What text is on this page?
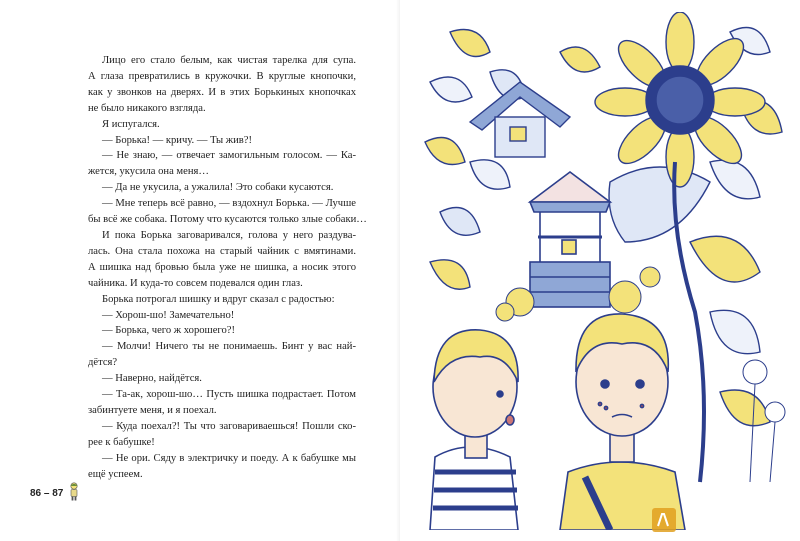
Лицо его стало белым, как чистая тарелка для супа.
А глаза превратились в кружочки. В круглые кнопочки,
как у звонков на дверях. И в этих Борькиных кнопочках
не было никакого взгляда.
Я испугался.
— Борька! — кричу. — Ты жив?!
— Не знаю, — отвечает замогильным голосом. — Ка-
жется, укусила она меня…
— Да не укусила, а ужалила! Это собаки кусаются.
— Мне теперь всё равно, — вздохнул Борька. — Лучше
бы всё же собака. Потому что кусаются только злые собаки…
И пока Борька заговаривался, голова у него раздува-
лась. Она стала похожа на старый чайник с вмятинами.
А шишка над бровью была уже не шишка, а носик этого
чайника. И куда-то совсем подевался один глаз.
Борька потрогал шишку и вдруг сказал с радостью:
— Хорош-шо! Замечательно!
— Борька, чего ж хорошего?!
— Молчи! Ничего ты не понимаешь. Бинт у вас най-
дётся?
— Наверно, найдётся.
— Та-ак, хорош-шо… Пусть шишка подрастает. Потом
забинтуете меня, и я поехал.
— Куда поехал?! Ты что заговариваешься! Пошли ско-
рее к бабушке!
— Не ори. Сяду в электричку и поеду. А к бабушке мы
ещё успеем.
86 – 87
